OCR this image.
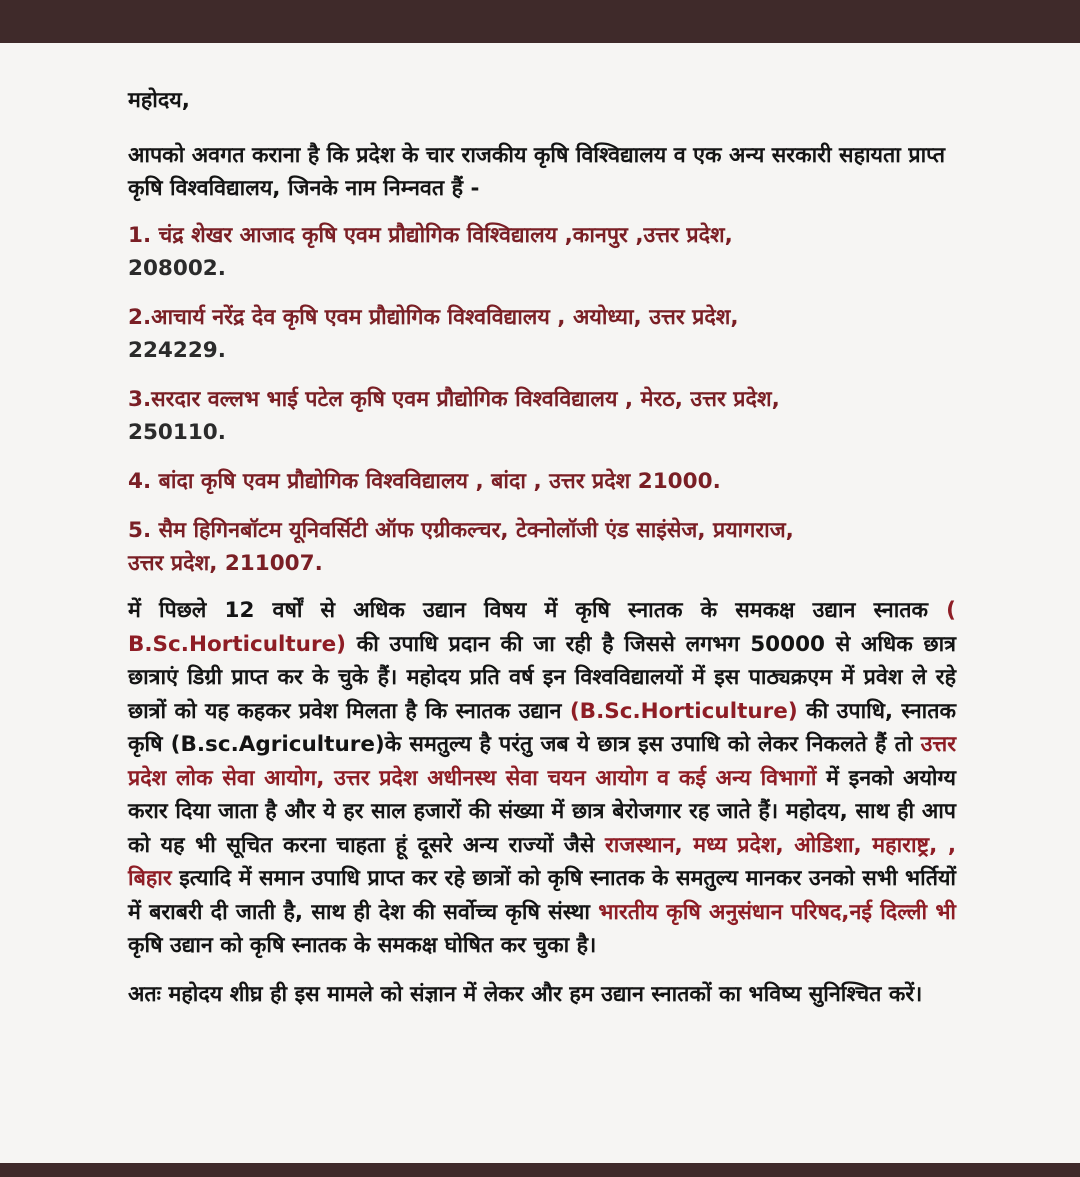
महोदय,

आपको अवगत कराना है कि प्रदेश के चार राजकीय कृषि विश्विद्यालय व एक अन्य सरकारी सहायता प्राप्त कृषि विश्वविद्यालय, जिनके नाम निम्नवत हैं -

1. चंद्र शेखर आजाद कृषि एवम प्रौद्योगिक विश्विद्यालय ,कानपुर ,उत्तर प्रदेश,
208002.
2.आचार्य नरेंद्र देव कृषि एवम प्रौद्योगिक विश्वविद्यालय , अयोध्या, उत्तर प्रदेश,
224229.
3.सरदार वल्लभ भाई पटेल कृषि एवम प्रौद्योगिक विश्वविद्यालय , मेरठ, उत्तर प्रदेश,
250110.
4. बांदा कृषि एवम प्रौद्योगिक विश्वविद्यालय , बांदा , उत्तर प्रदेश 21000.
5. सैम हिगिनबॉटम यूनिवर्सिटी ऑफ एग्रीकल्चर, टेक्नोलॉजी एंड साइंसेज, प्रयागराज,
उत्तर प्रदेश, 211007.

में पिछले 12 वर्षों से अधिक उद्यान विषय में कृषि स्नातक के समकक्ष उद्यान स्नातक ( B.Sc.Horticulture) की उपाधि प्रदान की जा रही है जिससे लगभग 50000 से अधिक छात्र छात्राएं डिग्री प्राप्त कर के चुके हैं। महोदय प्रति वर्ष इन विश्वविद्यालयों में इस पाठ्यक्रएम में प्रवेश ले रहे छात्रों को यह कहकर प्रवेश मिलता है कि स्नातक उद्यान (B.Sc.Horticulture) की उपाधि, स्नातक कृषि (B.sc.Agriculture)के समतुल्य है परंतु जब ये छात्र इस उपाधि को लेकर निकलते हैं तो उत्तर प्रदेश लोक सेवा आयोग, उत्तर प्रदेश अधीनस्थ सेवा चयन आयोग व कई अन्य विभागों में इनको अयोग्य करार दिया जाता है और ये हर साल हजारों की संख्या में छात्र बेरोजगार रह जाते हैं। महोदय, साथ ही आप को यह भी सूचित करना चाहता हूं दूसरे अन्य राज्यों जैसे राजस्थान, मध्य प्रदेश, ओडिशा, महाराष्ट्र, , बिहार इत्यादि में समान उपाधि प्राप्त कर रहे छात्रों को कृषि स्नातक के समतुल्य मानकर उनको सभी भर्तियों में बराबरी दी जाती है, साथ ही देश की सर्वोच्च कृषि संस्था भारतीय कृषि अनुसंधान परिषद,नई दिल्ली भी कृषि उद्यान को कृषि स्नातक के समकक्ष घोषित कर चुका है।

अतः महोदय शीघ्र ही इस मामले को संज्ञान में लेकर और हम उद्यान स्नातकों का भविष्य सुनिश्चित करें।
